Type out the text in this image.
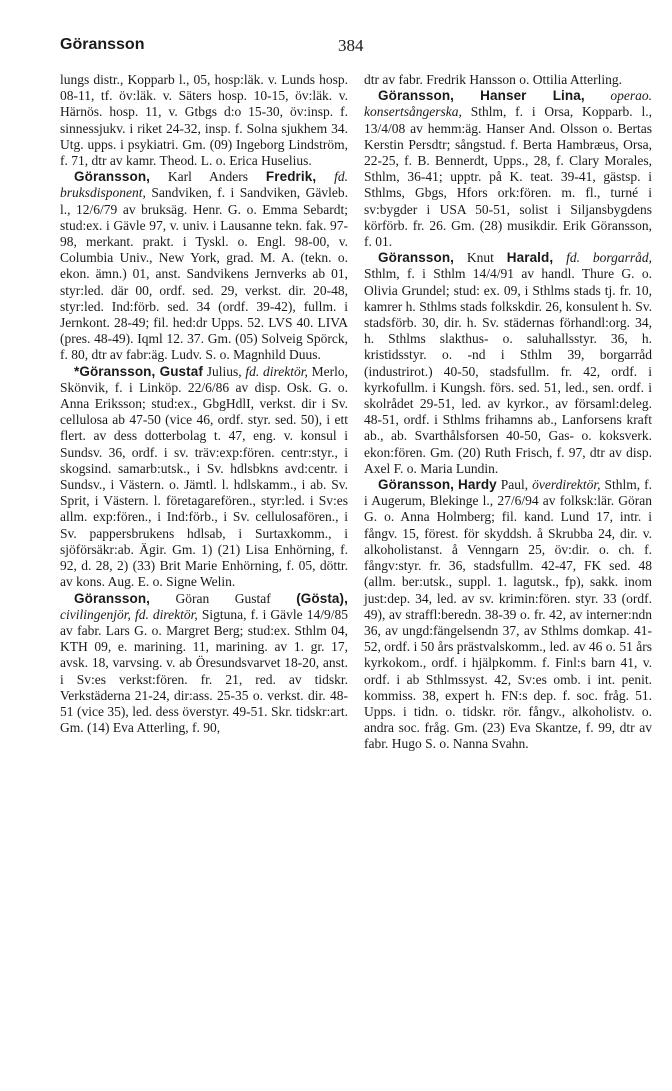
Göransson	384

lungs distr., Kopparb l., 05, hosp:läk. v. Lunds hosp. 08-11, tf. öv:läk. v. Säters hosp. 10-15, öv:läk. v. Härnös. hosp. 11, v. Gtbgs d:o 15-30, öv:insp. f. sinnessjukv. i riket 24-32, insp. f. Solna sjukhem 34. Utg. upps. i psykiatri. Gm. (09) Ingeborg Lindström, f. 71, dtr av kamr. Theod. L. o. Erica Huselius.

Göransson, Karl Anders Fredrik, fd. bruksdisponent, Sandviken, f. i Sandviken, Gävleb. l., 12/6/79 av bruksäg. Henr. G. o. Emma Sebardt; stud:ex. i Gävle 97, v. univ. i Lausanne tekn. fak. 97-98, merkant. prakt. i Tyskl. o. Engl. 98-00, v. Columbia Univ., New York, grad. M. A. (tekn. o. ekon. ämn.) 01, anst. Sandvikens Jernverks ab 01, styr:led. där 00, ordf. sed. 29, verkst. dir. 20-48, styr:led. Ind:förb. sed. 34 (ordf. 39-42), fullm. i Jernkont. 28-49; fil. hed:dr Upps. 52. LVS 40. LIVA (pres. 48-49). Iqml 12. 37. Gm. (05) Solveig Spörck, f. 80, dtr av fabr:äg. Ludv. S. o. Magnhild Duus.

*Göransson, Gustaf Julius, fd. direktör, Merlo, Skönvik, f. i Linköp. 22/6/86 av disp. Osk. G. o. Anna Eriksson; stud:ex., GbgHdlI, verkst. dir i Sv. cellulosa ab 47-50 (vice 46, ordf. styr. sed. 50), i ett flert. av dess dotterbolag t. 47, eng. v. konsul i Sundsv. 36, ordf. i sv. träv:exp:fören. centr:styr., i skogsind. samarb:utsk., i Sv. hdlsbkns avd:centr. i Sundsv., i Västern. o. Jämtl. l. hdlskamm., i ab. Sv. Sprit, i Västern. l. företagarefören., styr:led. i Sv:es allm. exp:fören., i Ind:förb., i Sv. cellulosafören., i Sv. pappersbrukens hdlsab, i Surtaxkomm., i sjöförsäkr:ab. Ägir. Gm. 1) (21) Lisa Enhörning, f. 92, d. 28, 2) (33) Brit Marie Enhörning, f. 05, döttr. av kons. Aug. E. o. Signe Welin.

Göransson, Göran Gustaf (Gösta), civilingenjör, fd. direktör, Sigtuna, f. i Gävle 14/9/85 av fabr. Lars G. o. Margret Berg; stud:ex. Sthlm 04, KTH 09, e. marining. 11, marining. av 1. gr. 17, avsk. 18, varvsing. v. ab Öresundsvarvet 18-20, anst. i Sv:es verkst:fören. fr. 21, red. av tidskr. Verkstäderna 21-24, dir:ass. 25-35 o. verkst. dir. 48-51 (vice 35), led. dess överstyr. 49-51. Skr. tidskr:art. Gm. (14) Eva Atterling, f. 90,

dtr av fabr. Fredrik Hansson o. Ottilia Atterling.

Göransson, Hanser Lina, operao. konsertsångerska, Sthlm, f. i Orsa, Kopparb. l., 13/4/08 av hemm:äg. Hanser And. Olsson o. Bertas Kerstin Persdtr; sångstud. f. Berta Hambræus, Orsa, 22-25, f. B. Bennerdt, Upps., 28, f. Clary Morales, Sthlm, 36-41; upptr. på K. teat. 39-41, gästsp. i Sthlms, Gbgs, Hfors ork:fören. m. fl., turné i sv:bygder i USA 50-51, solist i Siljansbygdens körförb. fr. 26. Gm. (28) musikdir. Erik Göransson, f. 01.

Göransson, Knut Harald, fd. borgarråd, Sthlm, f. i Sthlm 14/4/91 av handl. Thure G. o. Olivia Grundel; stud: ex. 09, i Sthlms stads tj. fr. 10, kamrer h. Sthlms stads folkskdir. 26, konsulent h. Sv. stadsförb. 30, dir. h. Sv. städernas förhandl:org. 34, h. Sthlms slakthus- o. saluhallsstyr. 36, h. kristidsstyr. o. -nd i Sthlm 39, borgarråd (industrirot.) 40-50, stadsfullm. fr. 42, ordf. i kyrkofullm. i Kungsh. förs. sed. 51, led., sen. ordf. i skolrådet 29-51, led. av kyrkor., av församl:deleg. 48-51, ordf. i Sthlms frihamns ab., Lanforsens kraft ab., ab. Svarthålsforsen 40-50, Gas- o. koksverk. ekon:fören. Gm. (20) Ruth Frisch, f. 97, dtr av disp. Axel F. o. Maria Lundin.

Göransson, Hardy Paul, överdirektör, Sthlm, f. i Augerum, Blekinge l., 27/6/94 av folksk:lär. Göran G. o. Anna Holmberg; fil. kand. Lund 17, intr. i fångv. 15, förest. för skyddsh. å Skrubba 24, dir. v. alkoholistanst. å Venngarn 25, öv:dir. o. ch. f. fångv:styr. fr. 36, stadsfullm. 42-47, FK sed. 48 (allm. ber:utsk., suppl. 1. lagutsk., fp), sakk. inom just:dep. 34, led. av sv. krimin:fören. styr. 33 (ordf. 49), av straffl:beredn. 38-39 o. fr. 42, av interner:ndn 36, av ungd:fängelsendn 37, av Sthlms domkap. 41-52, ordf. i 50 års prästvalskomm., led. av 46 o. 51 års kyrkokom., ordf. i hjälpkomm. f. Finl:s barn 41, v. ordf. i ab Sthlmssyst. 42, Sv:es omb. i int. penit. kommiss. 38, expert h. FN:s dep. f. soc. fråg. 51. Upps. i tidn. o. tidskr. rör. fångv., alkoholistv. o. andra soc. fråg. Gm. (23) Eva Skantze, f. 99, dtr av fabr. Hugo S. o. Nanna Svahn.
